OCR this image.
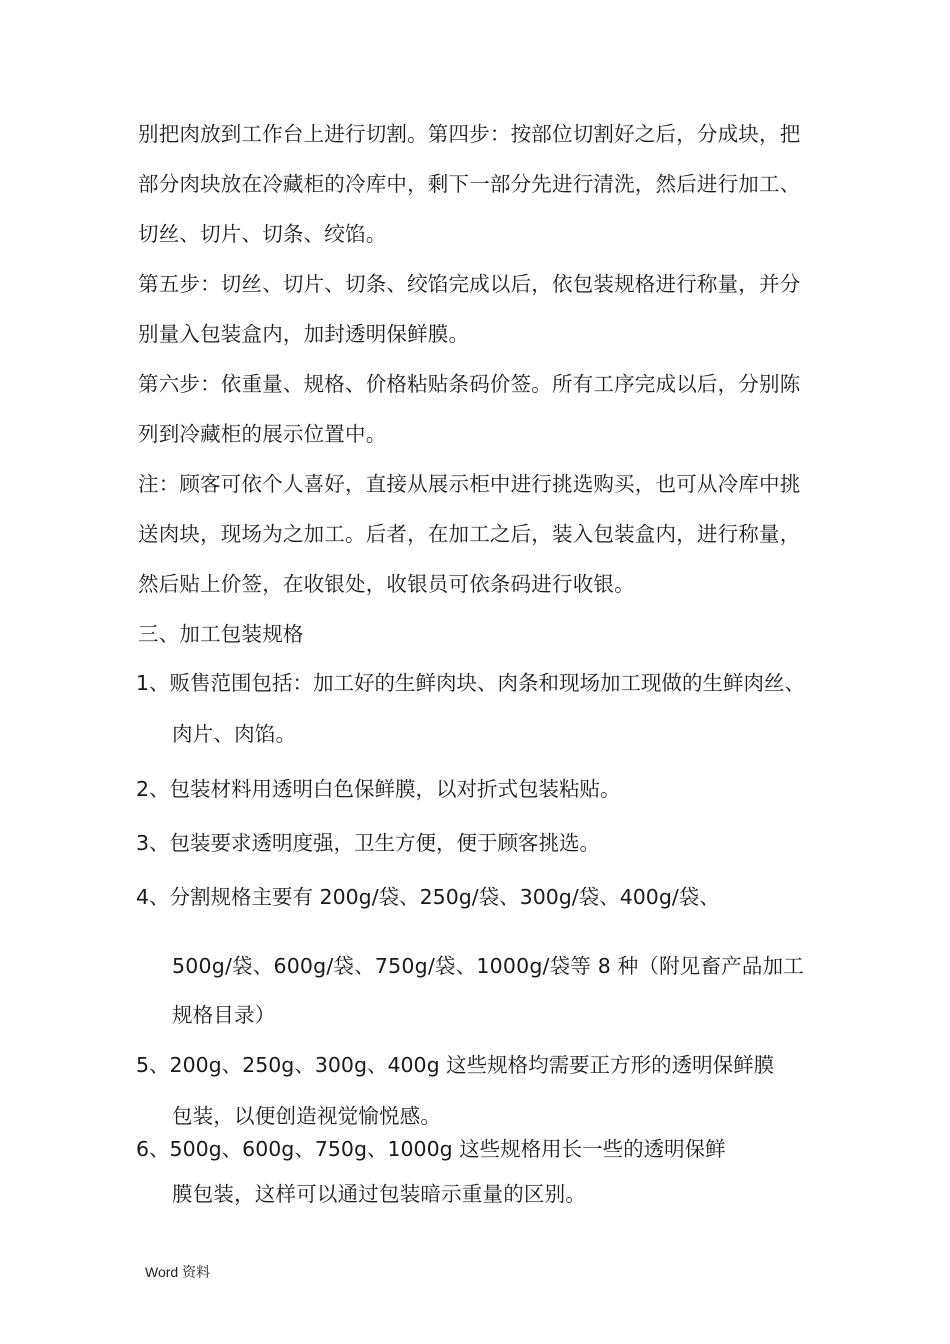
别把肉放到工作台上进行切割。第四步：按部位切割好之后，分成块，把
部分肉块放在冷藏柜的冷库中，剩下一部分先进行清洗，然后进行加工、
切丝、切片、切条、绞馅。
第五步：切丝、切片、切条、绞馅完成以后，依包装规格进行称量，并分
别量入包装盒内，加封透明保鲜膜。
第六步：依重量、规格、价格粘贴条码价签。所有工序完成以后，分别陈
列到冷藏柜的展示位置中。
注：顾客可依个人喜好，直接从展示柜中进行挑选购买，也可从冷库中挑
送肉块，现场为之加工。后者，在加工之后，装入包装盒内，进行称量，
然后贴上价签，在收银处，收银员可依条码进行收银。
三、加工包装规格
1、贩售范围包括：加工好的生鲜肉块、肉条和现场加工现做的生鲜肉丝、
肉片、肉馅。
2、包装材料用透明白色保鲜膜，以对折式包装粘贴。
3、包装要求透明度强，卫生方便，便于顾客挑选。
4、分割规格主要有 200g/袋、250g/袋、300g/袋、400g/袋、
500g/袋、600g/袋、750g/袋、1000g/袋等 8 种（附见畜产品加工
规格目录）
5、200g、250g、300g、400g 这些规格均需要正方形的透明保鲜膜
包装，以便创造视觉愉悦感。
6、500g、600g、750g、1000g 这些规格用长一些的透明保鲜
膜包装，这样可以通过包装暗示重量的区别。
Word 资料
